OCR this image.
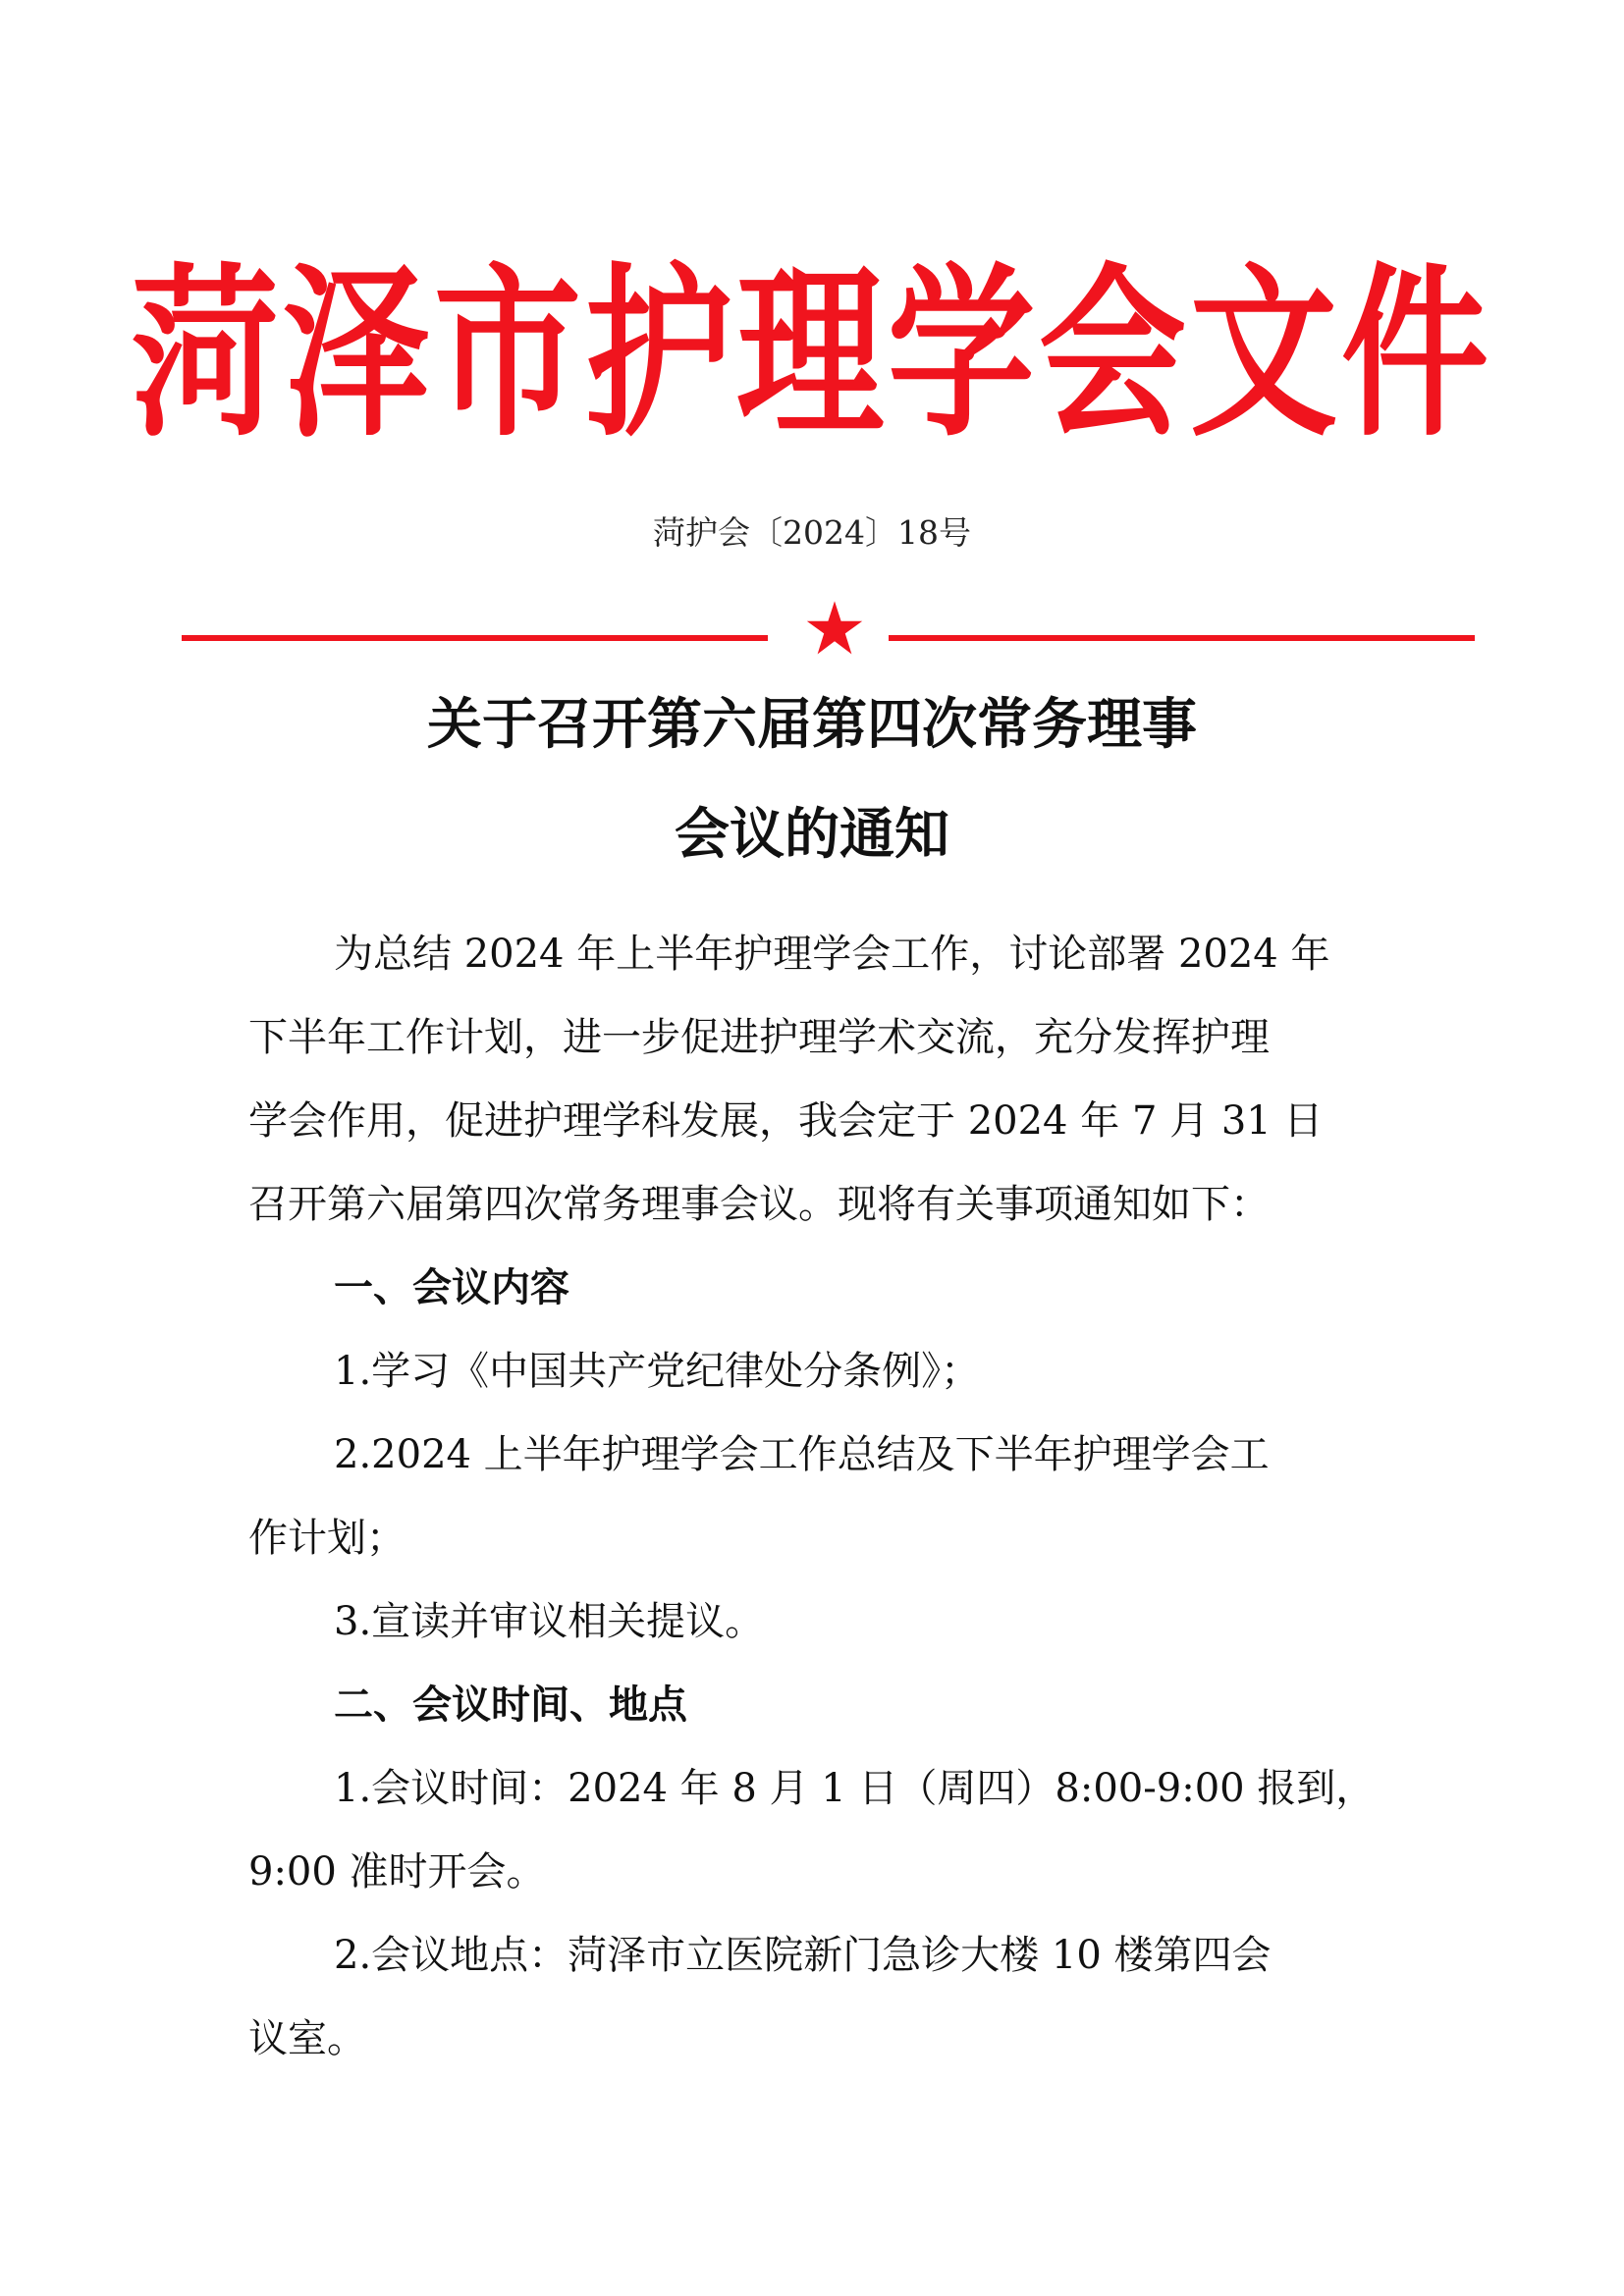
菏泽市护理学会文件
菏护会〔2024〕18号
关于召开第六届第四次常务理事
会议的通知
为总结 2024 年上半年护理学会工作，讨论部署 2024 年
下半年工作计划，进一步促进护理学术交流，充分发挥护理
学会作用，促进护理学科发展，我会定于 2024 年 7 月 31 日
召开第六届第四次常务理事会议。现将有关事项通知如下：
一、会议内容
1.学习《中国共产党纪律处分条例》；
2.2024 上半年护理学会工作总结及下半年护理学会工
作计划；
3.宣读并审议相关提议。
二、会议时间、地点
1.会议时间：2024 年 8 月 1 日（周四）8:00-9:00 报到，
9:00 准时开会。
2.会议地点：菏泽市立医院新门急诊大楼 10 楼第四会
议室。
